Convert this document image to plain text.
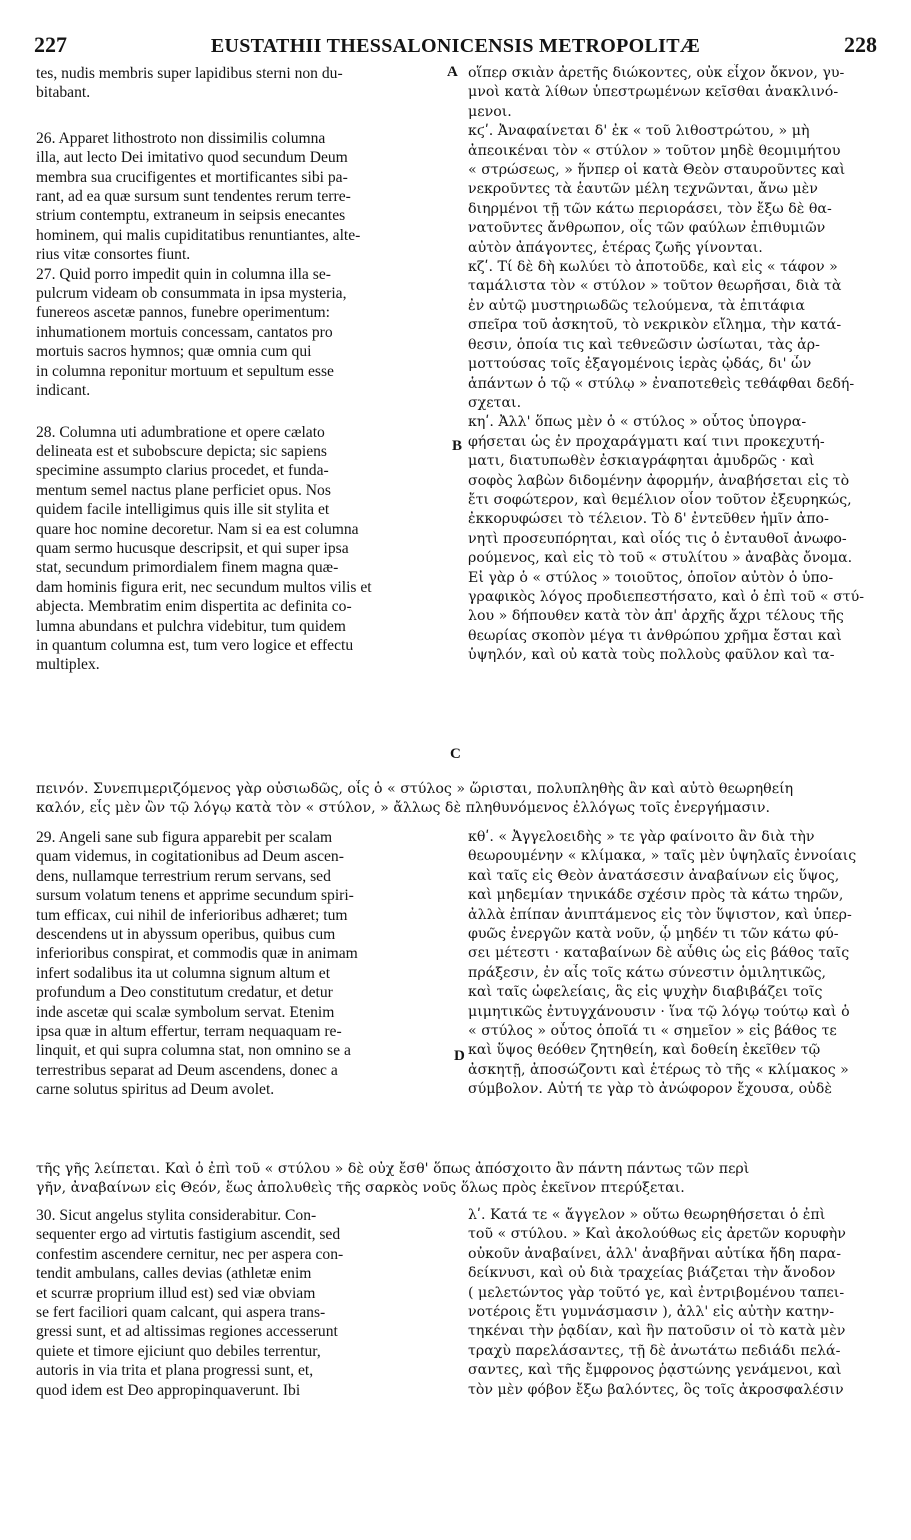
227	EUSTATHII THESSALONICENSIS METROPOLITÆ	228
A
B
C
D
tes, nudis membris super lapidibus sterni non du-
bitabant.
26. Apparet lithostroto non dissimilis columna
illa, aut lecto Dei imitativo quod secundum Deum
membra sua crucifigentes et mortificantes sibi pa-
rant, ad ea quæ sursum sunt tendentes rerum terre-
strium contemptu, extraneum in seipsis enecantes
hominem, qui malis cupiditatibus renuntiantes, alte-
rius vitæ consortes fiunt.
27. Quid porro impedit quin in columna illa se-
pulcrum videam ob consummata in ipsa mysteria,
funereos ascetæ pannos, funebre operimentum:
inhumationem mortuis concessam, cantatos pro
mortuis sacros hymnos; quæ omnia cum qui
in columna reponitur mortuum et sepultum esse
indicant.
28. Columna uti adumbratione et opere cælato
delineata est et subobscure depicta; sic sapiens
specimine assumpto clarius procedet, et funda-
mentum semel nactus plane perficiet opus. Nos
quidem facile intelligimus quis ille sit stylita et
quare hoc nomine decoretur. Nam si ea est columna
quam sermo hucusque descripsit, et qui super ipsa
stat, secundum primordialem finem magna quæ-
dam hominis figura erit, nec secundum multos vilis et
abjecta. Membratim enim dispertita ac definita co-
lumna abundans et pulchra videbitur, tum quidem
in quantum columna est, tum vero logice et effectu
multiplex.
οἵπερ σκιὰν ἀρετῆς διώκοντες, οὐκ εἶχον ὄκνον, γυ-
μνοὶ κατὰ λίθων ὑπεστρωμένων κεῖσθαι ἀνακλινό-
μενοι.
κϛʹ. Ἀναφαίνεται δ' ἐκ « τοῦ λιθοστρώτου, » μὴ
ἀπεοικέναι τὸν « στύλον » τοῦτον μηδὲ θεομιμήτου
« στρώσεως, » ἥνπερ οἱ κατὰ Θεὸν σταυροῦντες καὶ
νεκροῦντες τὰ ἑαυτῶν μέλη τεχνῶνται, ἄνω μὲν
διηρμένοι τῇ τῶν κάτω περιοράσει, τὸν ἔξω δὲ θα-
νατοῦντες ἄνθρωπον, οἷς τῶν φαύλων ἐπιθυμιῶν
αὐτὸν ἀπάγοντες, ἑτέρας ζωῆς γίνονται.
κζʹ. Τί δὲ δὴ κωλύει τὸ ἀποτοῦδε, καὶ εἰς « τάφον »
ταμάλιστα τὸν « στύλον » τοῦτον θεωρῆσαι, διὰ τὰ
ἐν αὐτῷ μυστηριωδῶς τελούμενα, τὰ ἐπιτάφια
σπεῖρα τοῦ ἀσκητοῦ, τὸ νεκρικὸν εἴλημα, τὴν κατά-
θεσιν, ὁποία τις καὶ τεθνεῶσιν ὡσίωται, τὰς ἁρ-
μοττούσας τοῖς ἐξαγομένοις ἱερὰς ᾠδάς, δι' ὧν
ἁπάντων ὁ τῷ « στύλῳ » ἐναποτεθεὶς τεθάφθαι δεδή-
σχεται.
κηʹ. Ἀλλ' ὅπως μὲν ὁ « στύλος » οὗτος ὑπογρα-
φήσεται ὡς ἐν προχαράγματι καί τινι προκεχυτή-
ματι, διατυπωθὲν ἐσκιαγράφηται ἀμυδρῶς · καὶ
σοφὸς λαβὼν διδομένην ἀφορμήν, ἀναβήσεται εἰς τὸ
ἔτι σοφώτερον, καὶ θεμέλιον οἷον τοῦτον ἐξευρηκώς,
ἐκκορυφώσει τὸ τέλειον. Τὸ δ' ἐντεῦθεν ἡμῖν ἀπο-
νητὶ προσευπόρηται, καὶ οἷός τις ὁ ἐνταυθοῖ ἀνωφο-
ρούμενος, καὶ εἰς τὸ τοῦ « στυλίτου » ἀναβὰς ὄνομα.
Εἰ γὰρ ὁ « στύλος » τοιοῦτος, ὁποῖον αὐτὸν ὁ ὑπο-
γραφικὸς λόγος προδιεπεστήσατο, καὶ ὁ ἐπὶ τοῦ « στύ-
λου » δήπουθεν κατὰ τὸν ἀπ' ἀρχῆς ἄχρι τέλους τῆς
θεωρίας σκοπὸν μέγα τι ἀνθρώπου χρῆμα ἔσται καὶ
ὑψηλόν, καὶ οὐ κατὰ τοὺς πολλοὺς φαῦλον καὶ τα-
πεινόν. Συνεπιμεριζόμενος γὰρ οὐσιωδῶς, οἷς ὁ « στύλος » ὥρισται, πολυπληθὴς ἂν καὶ αὐτὸ θεωρηθείη
καλόν, εἷς μὲν ὢν τῷ λόγῳ κατὰ τὸν « στύλον, » ἄλλως δὲ πληθυνόμενος ἐλλόγως τοῖς ἐνεργήμασιν.
29. Angeli sane sub figura apparebit per scalam
quam videmus, in cogitationibus ad Deum ascen-
dens, nullamque terrestrium rerum servans, sed
sursum volatum tenens et apprime secundum spiri-
tum efficax, cui nihil de inferioribus adhæret; tum
descendens ut in abyssum operibus, quibus cum
inferioribus conspirat, et commodis quæ in animam
infert sodalibus ita ut columna signum altum et
profundum a Deo constitutum credatur, et detur
inde ascetæ qui scalæ symbolum servat. Etenim
ipsa quæ in altum effertur, terram nequaquam re-
linquit, et qui supra columna stat, non omnino se a
terrestribus separat ad Deum ascendens, donec a
carne solutus spiritus ad Deum avolet.
κθʹ. « Ἀγγελοειδὴς » τε γὰρ φαίνοιτο ἂν διὰ τὴν
θεωρουμένην « κλίμακα, » ταῖς μὲν ὑψηλαῖς ἐννοίαις
καὶ ταῖς εἰς Θεὸν ἀνατάσεσιν ἀναβαίνων εἰς ὕψος,
καὶ μηδεμίαν τηνικάδε σχέσιν πρὸς τὰ κάτω τηρῶν,
ἀλλὰ ἐπίπαν ἀνιπτάμενος εἰς τὸν ὕψιστον, καὶ ὑπερ-
φυῶς ἐνεργῶν κατὰ νοῦν, ᾧ μηδέν τι τῶν κάτω φύ-
σει μέτεστι · καταβαίνων δὲ αὖθις ὡς εἰς βάθος ταῖς
πράξεσιν, ἐν αἷς τοῖς κάτω σύνεστιν ὁμιλητικῶς,
καὶ ταῖς ὠφελείαις, ἃς εἰς ψυχὴν διαβιβάζει τοῖς
μιμητικῶς ἐντυγχάνουσιν · ἵνα τῷ λόγῳ τούτῳ καὶ ὁ
« στύλος » οὗτος ὁποῖά τι « σημεῖον » εἰς βάθος τε
καὶ ὕψος θεόθεν ζητηθείη, καὶ δοθείη ἐκεῖθεν τῷ
ἀσκητῇ, ἀποσώζοντι καὶ ἑτέρως τὸ τῆς « κλίμακος »
σύμβολον. Αὐτή τε γὰρ τὸ ἀνώφορον ἔχουσα, οὐδὲ
τῆς γῆς λείπεται. Καὶ ὁ ἐπὶ τοῦ « στύλου » δὲ οὐχ ἔσθ' ὅπως ἀπόσχοιτο ἂν πάντη πάντως τῶν περὶ
γῆν, ἀναβαίνων εἰς Θεόν, ἕως ἀπολυθεὶς τῆς σαρκὸς νοῦς ὅλως πρὸς ἐκεῖνον πτερύξεται.
30. Sicut angelus stylita considerabitur. Con-
sequenter ergo ad virtutis fastigium ascendit, sed
confestim ascendere cernitur, nec per aspera con-
tendit ambulans, calles devias (athletæ enim
et scurræ proprium illud est) sed viæ obviam
se fert faciliori quam calcant, qui aspera trans-
gressi sunt, et ad altissimas regiones accesserunt
quiete et timore ejiciunt quo debiles terrentur,
autoris in via trita et plana progressi sunt, et,
quod idem est Deo appropinquaverunt. Ibi
λʹ. Κατά τε « ἄγγελον » οὕτω θεωρηθήσεται ὁ ἐπὶ
τοῦ « στύλου. » Καὶ ἀκολούθως εἰς ἀρετῶν κορυφὴν
οὐκοῦν ἀναβαίνει, ἀλλ' ἀναβῆναι αὐτίκα ἤδη παρα-
δείκνυσι, καὶ οὐ διὰ τραχείας βιάζεται τὴν ἄνοδον
( μελετώντος γὰρ τοῦτό γε, καὶ ἐντριβομένου ταπει-
νοτέροις ἔτι γυμνάσμασιν ), ἀλλ' εἰς αὐτὴν κατην-
τηκέναι τὴν ῥᾳδίαν, καὶ ἣν πατοῦσιν οἱ τὸ κατὰ μὲν
τραχὺ παρελάσαντες, τῇ δὲ ἀνωτάτω πεδιάδι πελά-
σαντες, καὶ τῆς ἔμφρονος ῥᾳστώνης γενάμενοι, καὶ
τὸν μὲν φόβον ἔξω βαλόντες, ὃς τοῖς ἀκροσφαλέσιν
